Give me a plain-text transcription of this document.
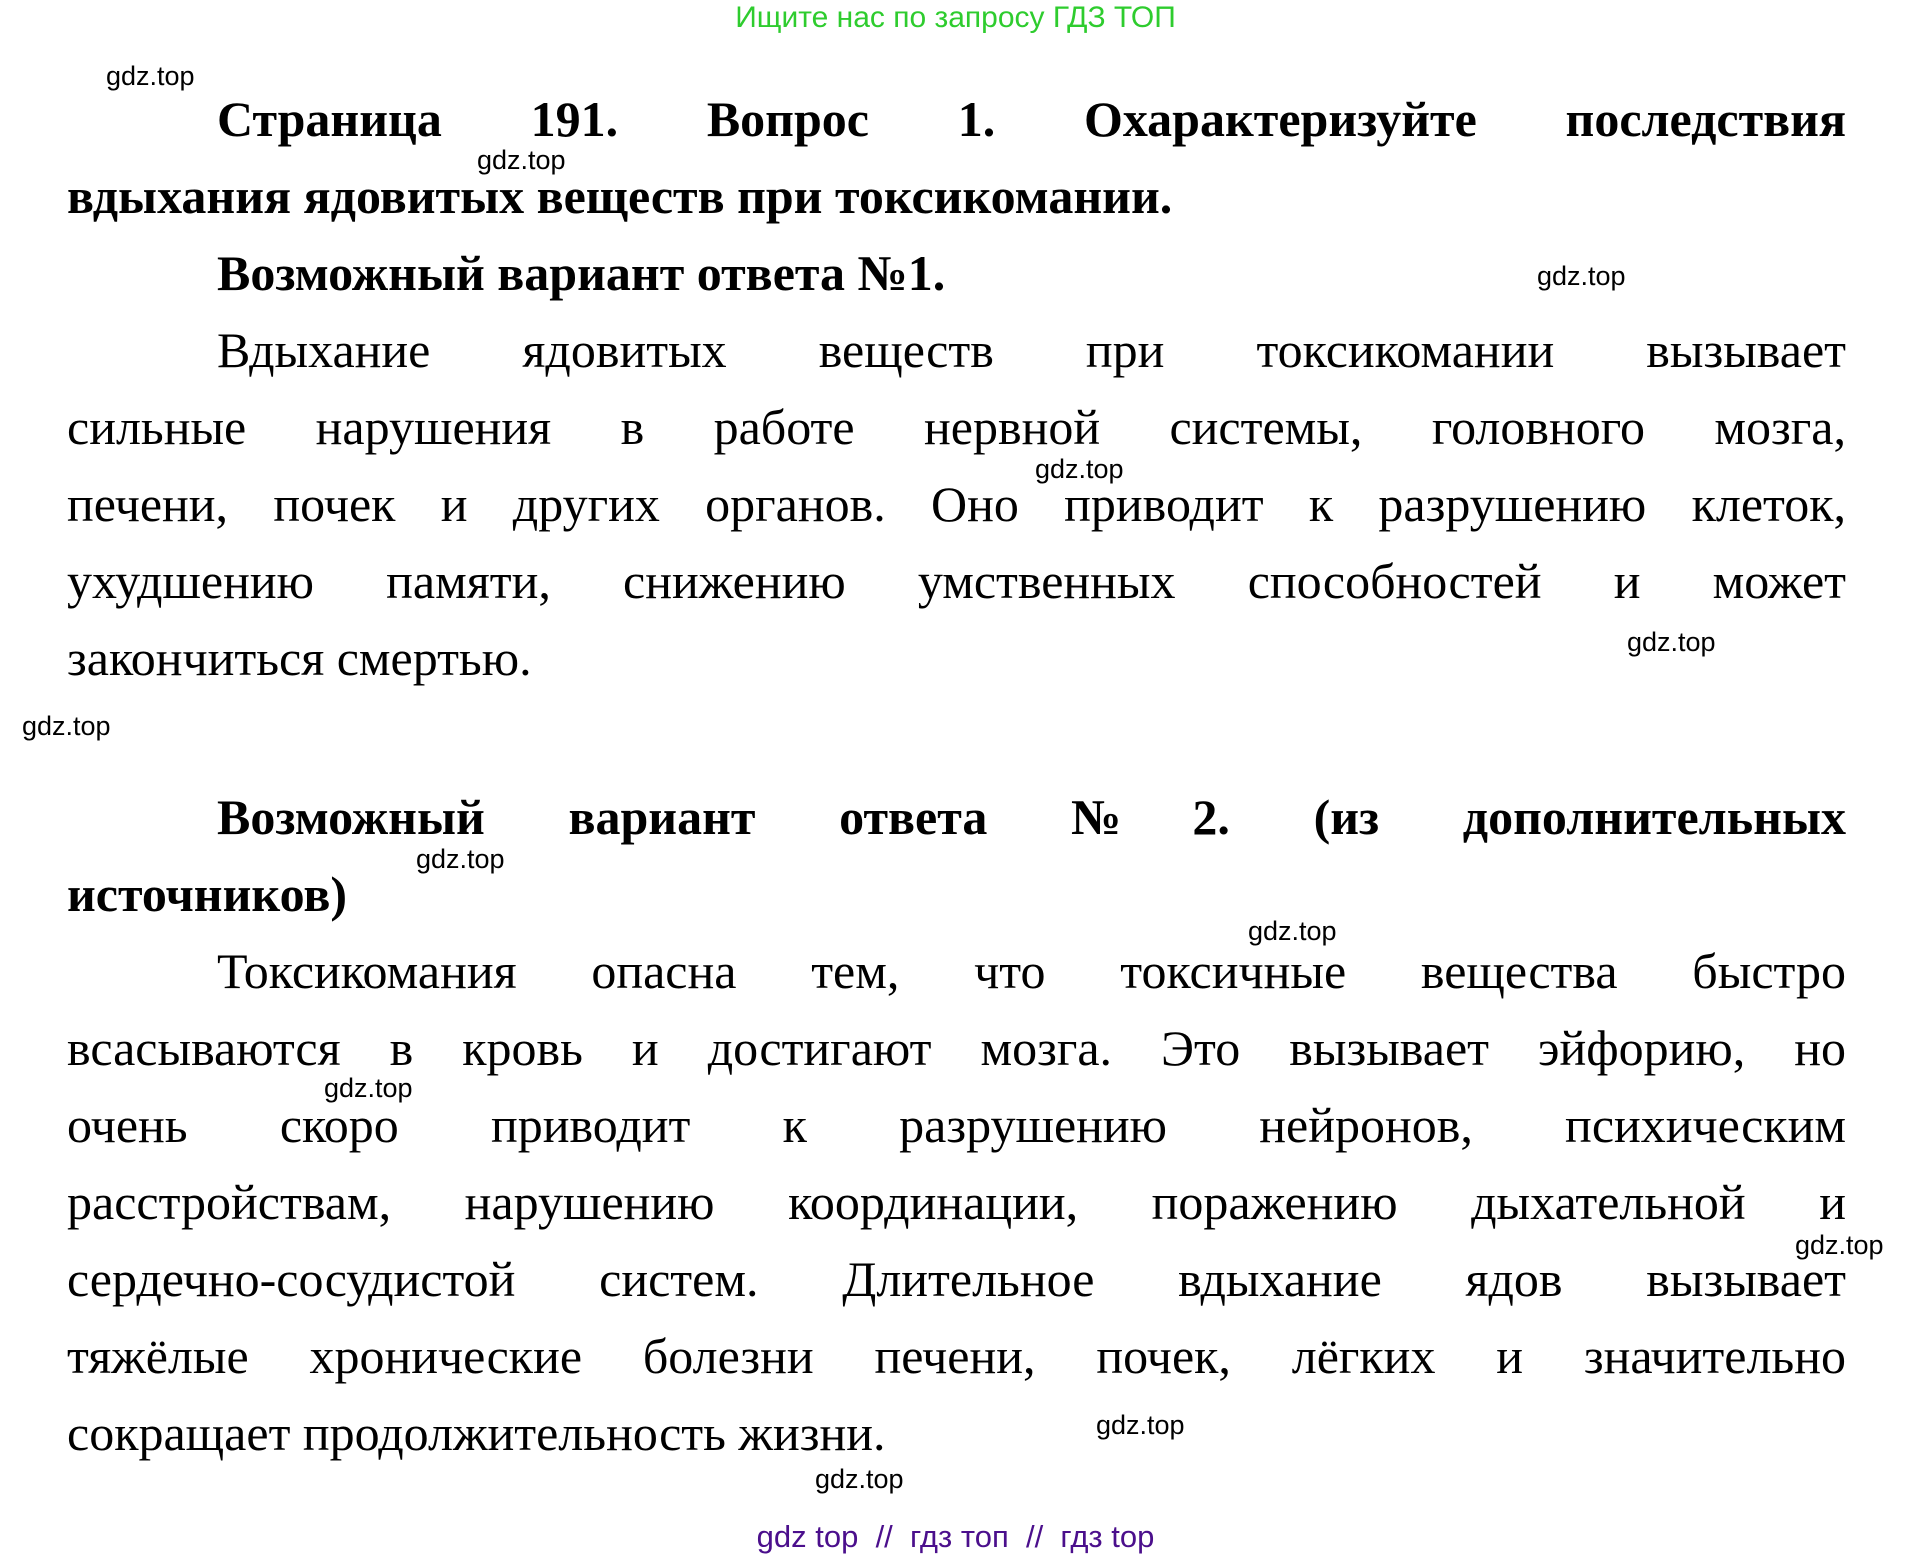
Ищите нас по запросу ГДЗ ТОП
Страница 191. Вопрос 1. Охарактеризуйте последствия
вдыхания ядовитых веществ при токсикомании.
Возможный вариант ответа №1.
Вдыхание ядовитых веществ при токсикомании вызывает
сильные нарушения в работе нервной системы, головного мозга,
печени, почек и других органов. Оно приводит к разрушению клеток,
ухудшению памяти, снижению умственных способностей и может
закончиться смертью.
Возможный вариант ответа №2. (из дополнительных
источников)
Токсикомания опасна тем, что токсичные вещества быстро
всасываются в кровь и достигают мозга. Это вызывает эйфорию, но
очень скоро приводит к разрушению нейронов, психическим
расстройствам, нарушению координации, поражению дыхательной и
сердечно-сосудистой систем. Длительное вдыхание ядов вызывает
тяжёлые хронические болезни печени, почек, лёгких и значительно
сокращает продолжительность жизни.
gdz.top
gdz.top
gdz.top
gdz.top
gdz.top
gdz.top
gdz.top
gdz.top
gdz.top
gdz.top
gdz.top
gdz.top
gdz top  //  гдз топ  //  гдз top
